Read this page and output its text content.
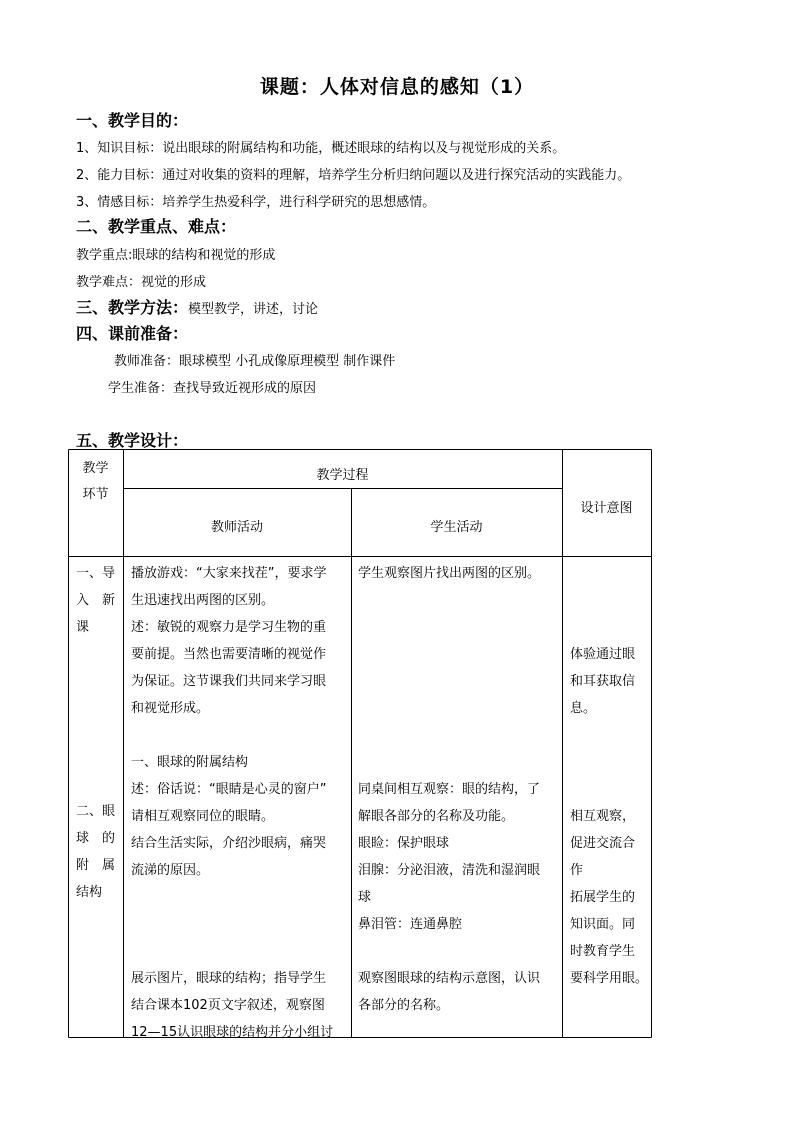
课题：人体对信息的感知（1）
一、教学目的：
1、知识目标：说出眼球的附属结构和功能，概述眼球的结构以及与视觉形成的关系。
2、能力目标：通过对收集的资料的理解，培养学生分析归纳问题以及进行探究活动的实践能力。
3、情感目标：培养学生热爱科学，进行科学研究的思想感情。
二、教学重点、难点：
教学重点:眼球的结构和视觉的形成
教学难点：视觉的形成
三、教学方法：模型教学，讲述，讨论
四、课前准备：
教师准备：眼球模型 小孔成像原理模型 制作课件
学生准备：查找导致近视形成的原因
五、教学设计：
教学
环节
教学过程
教师活动	学生活动
设计意图
一、导
入　新
课
二、眼
球　的
附　属
结构
播放游戏：“大家来找茬”，要求学
生迅速找出两图的区别。
述：敏锐的观察力是学习生物的重
要前提。当然也需要清晰的视觉作
为保证。这节课我们共同来学习眼
和视觉形成。
一、眼球的附属结构
述：俗话说：“眼睛是心灵的窗户”
请相互观察同位的眼睛。
结合生活实际，介绍沙眼病，痛哭
流涕的原因。
展示图片，眼球的结构；指导学生
结合课本102页文字叙述，观察图
12—15认识眼球的结构并分小组讨
学生观察图片找出两图的区别。
同桌间相互观察：眼的结构，了
解眼各部分的名称及功能。
眼睑：保护眼球
泪腺：分泌泪液，清洗和湿润眼
球
鼻泪管：连通鼻腔
观察图眼球的结构示意图，认识
各部分的名称。
体验通过眼
和耳获取信
息。
相互观察，
促进交流合
作
拓展学生的
知识面。同
时教育学生
要科学用眼。
